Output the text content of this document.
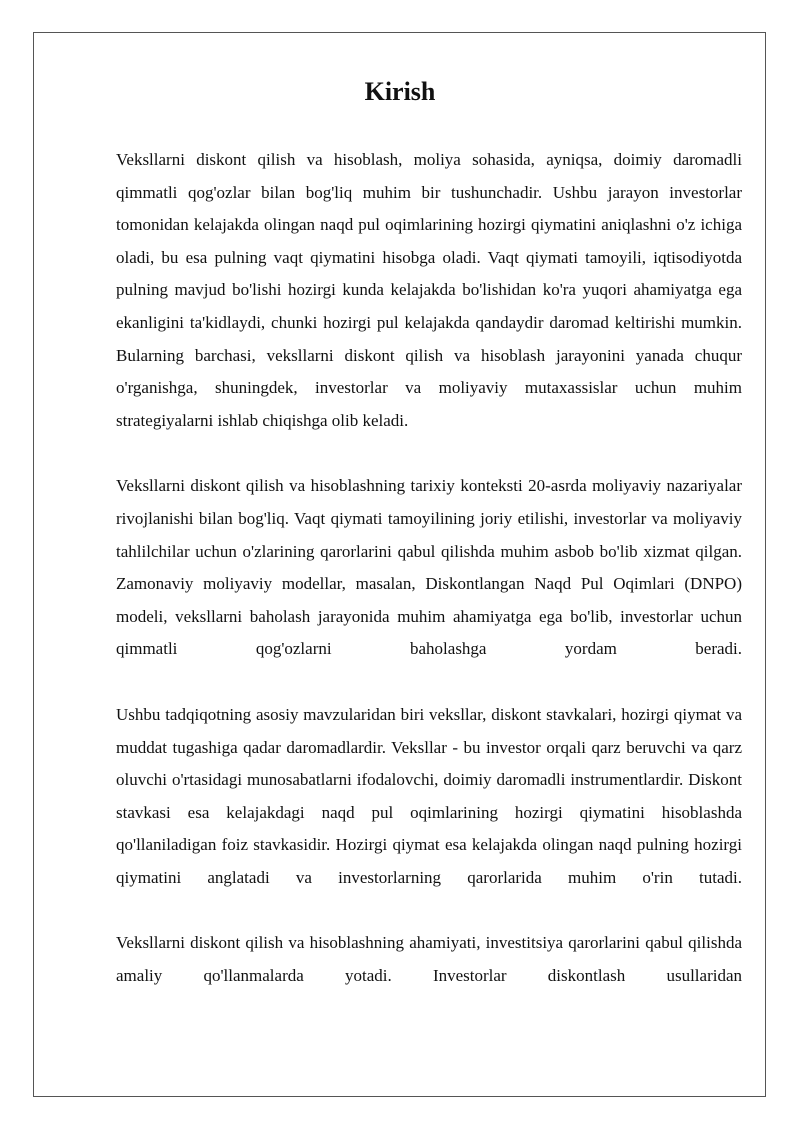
Kirish

Veksllarni diskont qilish va hisoblash, moliya sohasida, ayniqsa, doimiy daromadli qimmatli qog'ozlar bilan bog'liq muhim bir tushunchadir. Ushbu jarayon investorlar tomonidan kelajakda olingan naqd pul oqimlarining hozirgi qiymatini aniqlashni o'z ichiga oladi, bu esa pulning vaqt qiymatini hisobga oladi. Vaqt qiymati tamoyili, iqtisodiyotda pulning mavjud bo'lishi hozirgi kunda kelajakda bo'lishidan ko'ra yuqori ahamiyatga ega ekanligini ta'kidlaydi, chunki hozirgi pul kelajakda qandaydir daromad keltirishi mumkin. Bularning barchasi, veksllarni diskont qilish va hisoblash jarayonini yanada chuqur o'rganishga, shuningdek, investorlar va moliyaviy mutaxassislar uchun muhim strategiyalarni ishlab chiqishga olib keladi.

Veksllarni diskont qilish va hisoblashning tarixiy konteksti 20-asrda moliyaviy nazariyalar rivojlanishi bilan bog'liq. Vaqt qiymati tamoyilining joriy etilishi, investorlar va moliyaviy tahlilchilar uchun o'zlarining qarorlarini qabul qilishda muhim asbob bo'lib xizmat qilgan. Zamonaviy moliyaviy modellar, masalan, Diskontlangan Naqd Pul Oqimlari (DNPO) modeli, veksllarni baholash jarayonida muhim ahamiyatga ega bo'lib, investorlar uchun qimmatli qog'ozlarni baholashga yordam beradi.

Ushbu tadqiqotning asosiy mavzularidan biri veksllar, diskont stavkalari, hozirgi qiymat va muddat tugashiga qadar daromadlardir. Veksllar - bu investor orqali qarz beruvchi va qarz oluvchi o'rtasidagi munosabatlarni ifodalovchi, doimiy daromadli instrumentlardir. Diskont stavkasi esa kelajakdagi naqd pul oqimlarining hozirgi qiymatini hisoblashda qo'llaniladigan foiz stavkasidir. Hozirgi qiymat esa kelajakda olingan naqd pulning hozirgi qiymatini anglatadi va investorlarning qarorlarida muhim o'rin tutadi.

Veksllarni diskont qilish va hisoblashning ahamiyati, investitsiya qarorlarini qabul qilishda amaliy qo'llanmalarda yotadi. Investorlar diskontlash usullaridan
